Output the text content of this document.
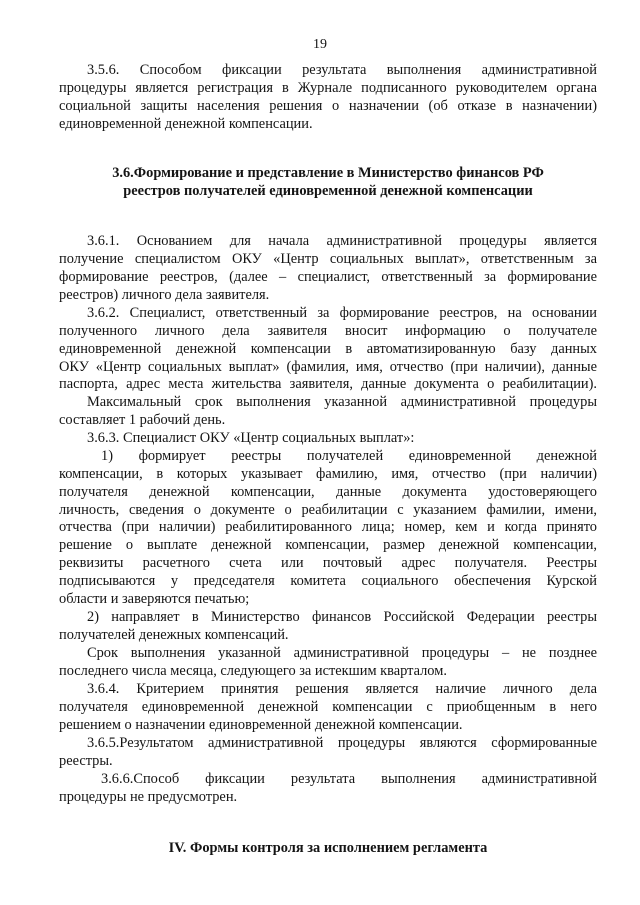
19
3.5.6. Способом фиксации результата выполнения административной
процедуры является регистрация в Журнале подписанного руководителем органа
социальной защиты населения решения о назначении (об отказе в назначении)
единовременной денежной компенсации.
3.6.Формирование и представление в Министерство финансов РФ
реестров получателей единовременной денежной компенсации
3.6.1. Основанием для начала административной процедуры является
получение специалистом ОКУ «Центр социальных выплат», ответственным за
формирование реестров, (далее – специалист, ответственный за формирование
реестров) личного дела заявителя.
3.6.2. Специалист, ответственный за формирование реестров, на основании
полученного личного дела заявителя вносит информацию о получателе
единовременной денежной компенсации в автоматизированную базу данных
ОКУ «Центр социальных выплат» (фамилия, имя, отчество (при наличии), данные
паспорта, адрес места жительства заявителя, данные документа о реабилитации).
Максимальный срок выполнения указанной административной процедуры
составляет 1 рабочий день.
3.6.3. Специалист ОКУ «Центр социальных выплат»:
1) формирует реестры получателей единовременной денежной
компенсации, в которых указывает фамилию, имя, отчество (при наличии)
получателя денежной компенсации, данные документа удостоверяющего
личность, сведения о документе о реабилитации с указанием фамилии, имени,
отчества (при наличии) реабилитированного лица; номер, кем и когда принято
решение о выплате денежной компенсации, размер денежной компенсации,
реквизиты расчетного счета или почтовый адрес получателя. Реестры
подписываются у председателя комитета социального обеспечения Курской
области и заверяются печатью;
2) направляет в Министерство финансов Российской Федерации реестры
получателей денежных компенсаций.
Срок выполнения указанной административной процедуры – не позднее
последнего числа месяца, следующего за истекшим кварталом.
3.6.4. Критерием принятия решения является наличие личного дела
получателя единовременной денежной компенсации с приобщенным в него
решением о назначении единовременной денежной компенсации.
3.6.5.Результатом административной процедуры являются сформированные
реестры.
3.6.6.Способ фиксации результата выполнения административной
процедуры не предусмотрен.
IV. Формы контроля за исполнением регламента
